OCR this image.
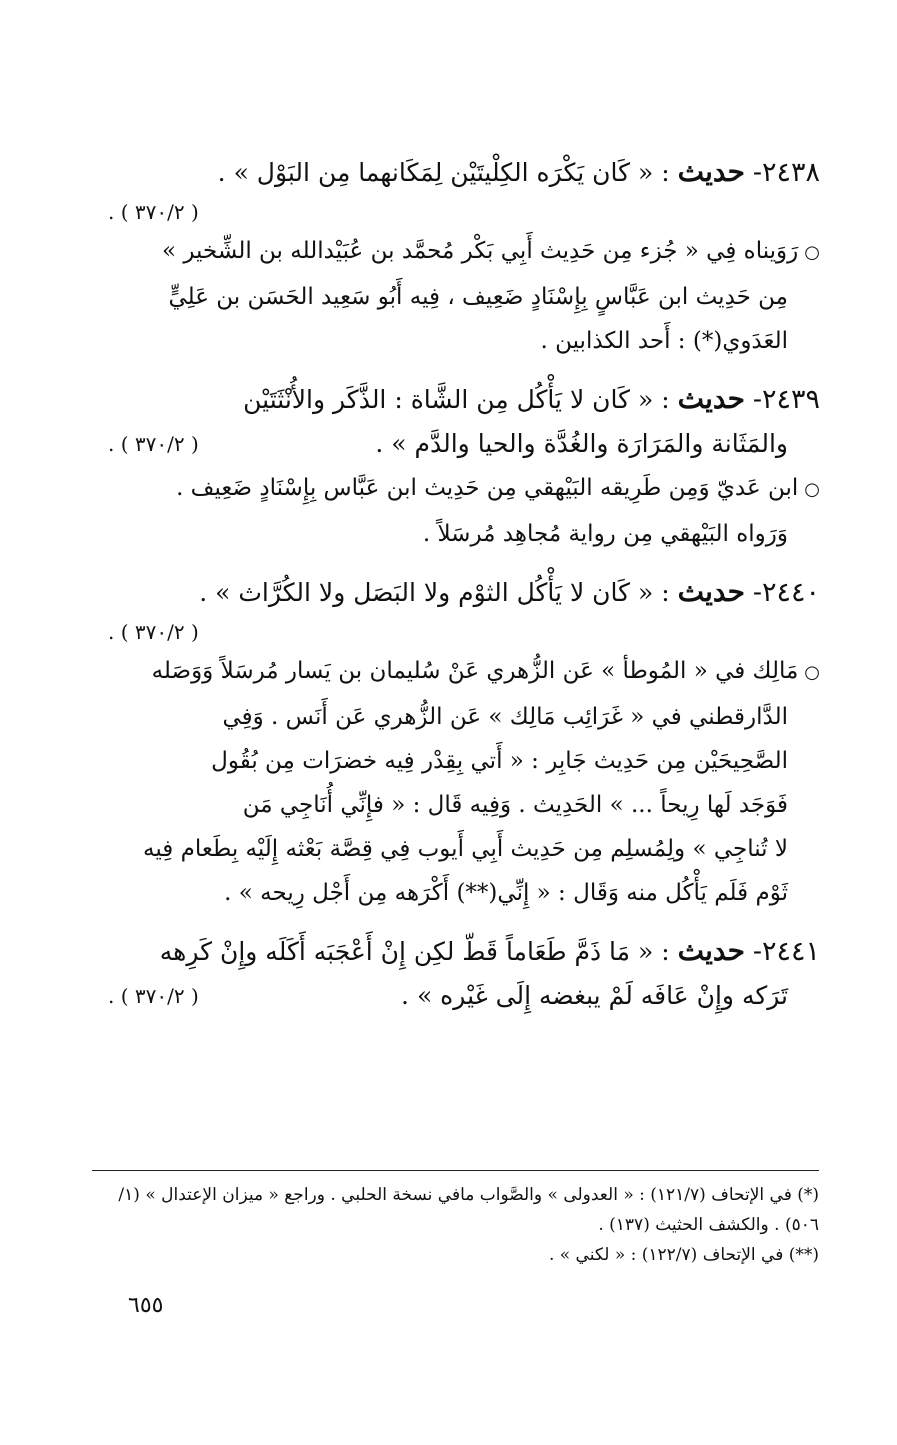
٢٤٣٨- حديث : « كَان يَكْرَه الكِلْيتَيْن لِمَكَانهما مِن البَوْل » .
. ( ٣٧٠/٢ )

○رَوَيناه فِي « جُزء مِن حَدِيث أَبِي بَكْر مُحمَّد بن عُبَيْدالله بن الشِّخير »

مِن حَدِيث ابن عَبَّاسٍ بِإِسْنَادٍ ضَعِيف ، فِيه أَبُو سَعِيد الحَسَن بن عَلِيٍّ

العَدَوي(*) : أَحد الكذابين .

٢٤٣٩- حديث : « كَان لا يَأْكُل مِن الشَّاة : الذَّكَر والأُنْثَتَيْن
والمَثَانة والمَرَارَة والغُدَّة والحيا والدَّم » .
( ٣٧٠/٢ ) .

○ابن عَديّ وَمِن طَرِيقه البَيْهقي مِن حَدِيث ابن عَبَّاس بِإِسْنَادٍ ضَعِيف .

وَرَواه البَيْهقي مِن رواية مُجاهِد مُرسَلاً .

٢٤٤٠- حديث : « كَان لا يَأْكُل الثوْم ولا البَصَل ولا الكُرَّاث » .
. ( ٣٧٠/٢ )

○مَالِك في « المُوطأ » عَن الزُّهري عَنْ سُليمان بن يَسار مُرسَلاً وَوَصَله

الدَّارقطني في « غَرَائِب مَالِك » عَن الزُّهري عَن أَنَس . وَفِي

الصَّحِيحَيْن مِن حَدِيث جَابِر : « أَتي بِقِدْر فِيه خضرَات مِن بُقُول

فَوَجَد لَها رِيحاً ... » الحَدِيث . وَفِيه قَال : « فإِنِّي أُنَاجِي مَن

لا تُناجِي » ولِمُسلِم مِن حَدِيث أَبِي أَيوب فِي قِصَّة بَعْثه إِلَيْه بِطَعام فِيه

ثَوْم فَلَم يَأْكُل منه وَقَال : « إِنِّي(**) أَكْرَهه مِن أَجْل رِيحه » .

٢٤٤١- حديث : « مَا ذَمَّ طَعَاماً قَطّ لكِن إِنْ أَعْجَبَه أَكَلَه وإِنْ كَرِهه
تَرَكه وإِنْ عَافَه لَمْ يبغضه إِلَى غَيْره » .
( ٣٧٠/٢ ) .

(*) في الإتحاف (١٢١/٧) : « العدولى » والصَّواب مافي نسخة الحلبي . وراجع « ميزان الإعتدال » (١/

٥٠٦) . والكشف الحثيث (١٣٧) .

(**) في الإتحاف (١٢٢/٧) : « لكني » .

٦٥٥
